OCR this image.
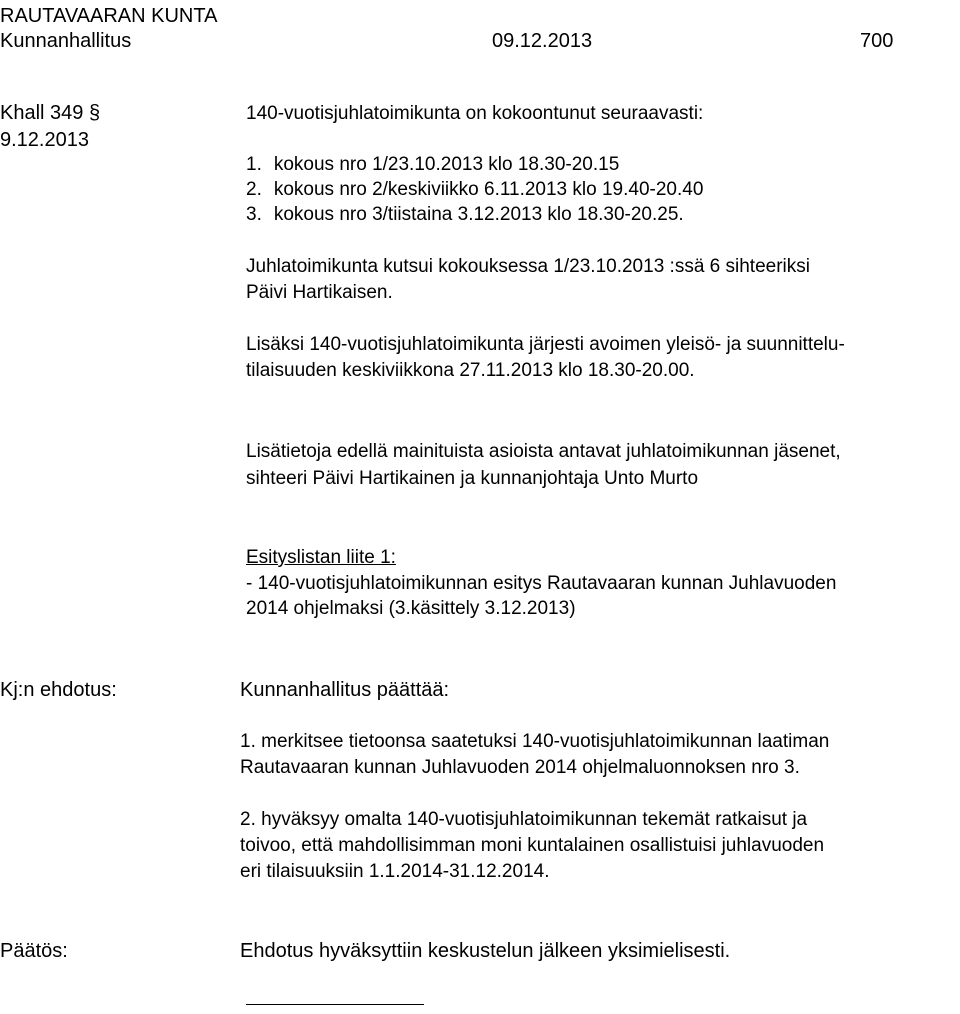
RAUTAVAARAN KUNTA
Kunnanhallitus	09.12.2013	700
Khall 349 §
9.12.2013
140-vuotisjuhlatoimikunta on kokoontunut seuraavasti:
1. kokous nro 1/23.10.2013 klo 18.30-20.15
2. kokous nro 2/keskiviikko 6.11.2013 klo 19.40-20.40
3. kokous nro 3/tiistaina 3.12.2013 klo 18.30-20.25.
Juhlatoimikunta kutsui kokouksessa 1/23.10.2013 :ssä 6 sihteeriksi
Päivi Hartikaisen.
Lisäksi 140-vuotisjuhlatoimikunta järjesti avoimen yleisö- ja suunnittelu-
tilaisuuden keskiviikkona 27.11.2013 klo 18.30-20.00.
Lisätietoja edellä mainituista asioista antavat juhlatoimikunnan jäsenet,
sihteeri Päivi Hartikainen ja kunnanjohtaja Unto Murto
Esityslistan liite 1:
- 140-vuotisjuhlatoimikunnan esitys Rautavaaran kunnan Juhlavuoden
2014 ohjelmaksi (3.käsittely 3.12.2013)
Kj:n ehdotus:	Kunnanhallitus päättää:
1. merkitsee tietoonsa saatetuksi 140-vuotisjuhlatoimikunnan laatiman
Rautavaaran kunnan Juhlavuoden 2014 ohjelmaluonnoksen nro 3.
2. hyväksyy omalta 140-vuotisjuhlatoimikunnan tekemät ratkaisut ja
toivoo, että mahdollisimman moni kuntalainen osallistuisi juhlavuoden
eri tilaisuuksiin 1.1.2014-31.12.2014.
Päätös:	Ehdotus hyväksyttiin keskustelun jälkeen yksimielisesti.
